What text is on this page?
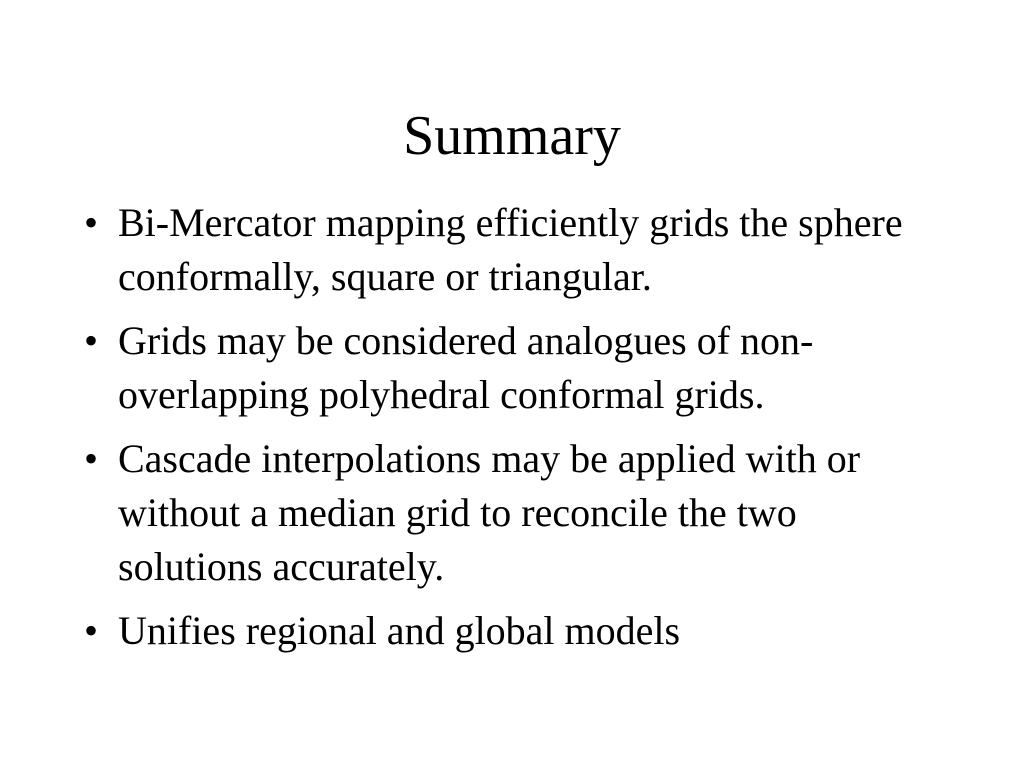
Summary
• Bi-Mercator mapping efficiently grids the sphere conformally, square or triangular.
• Grids may be considered analogues of non-overlapping polyhedral conformal grids.
• Cascade interpolations may be applied with or without a median grid to reconcile the two solutions accurately.
• Unifies regional and global models
